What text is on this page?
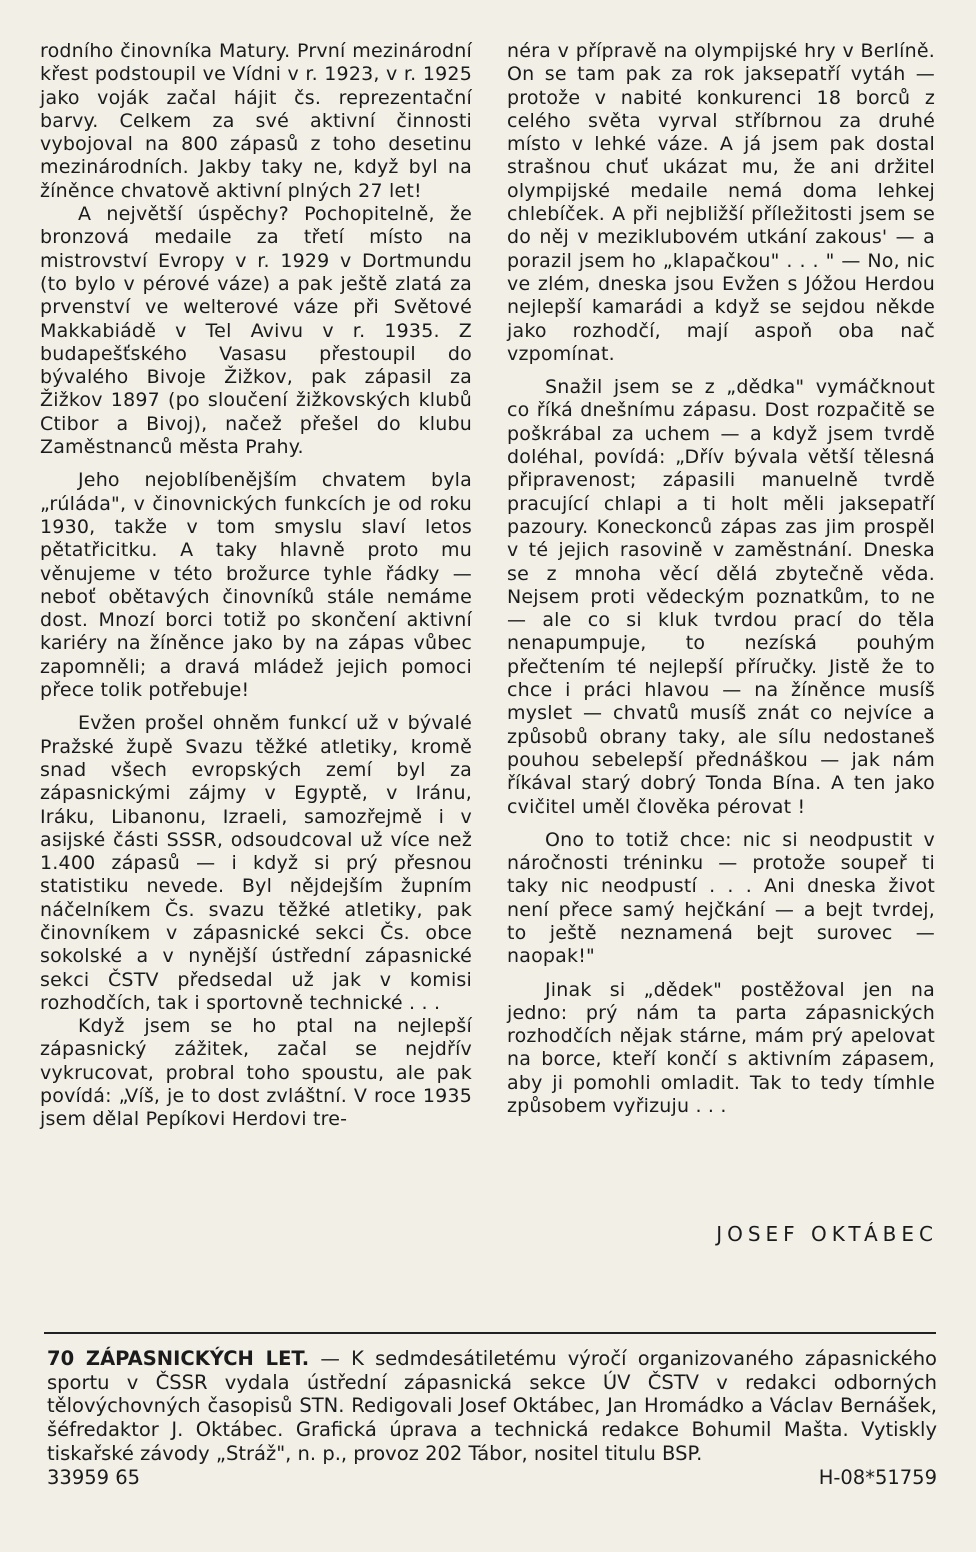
rodního činovníka Matury. První mezinárodní křest podstoupil ve Vídni v r. 1923, v r. 1925 jako voják začal hájit čs. reprezentační barvy. Celkem za své aktivní činnosti vybojoval na 800 zápasů z toho desetinu mezinárodních. Jakby taky ne, když byl na žíněnce chvatově aktivní plných 27 let!

A největší úspěchy? Pochopitelně, že bronzová medaile za třetí místo na mistrovství Evropy v r. 1929 v Dortmundu (to bylo v pérové váze) a pak ještě zlatá za prvenství ve welterové váze při Světové Makkabiádě v Tel Avivu v r. 1935. Z budapešťského Vasasu přestoupil do bývalého Bivoje Žižkov, pak zápasil za Žižkov 1897 (po sloučení žižkovských klubů Ctibor a Bivoj), načež přešel do klubu Zaměstnanců města Prahy.

Jeho nejoblíbenějším chvatem byla „rúláda", v činovnických funkcích je od roku 1930, takže v tom smyslu slaví letos pětatřicitku. A taky hlavně proto mu věnujeme v této brožurce tyhle řádky — neboť obětavých činovníků stále nemáme dost. Mnozí borci totiž po skončení aktivní kariéry na žíněnce jako by na zápas vůbec zapomněli; a dravá mládež jejich pomoci přece tolik potřebuje!

Evžen prošel ohněm funkcí už v bývalé Pražské župě Svazu těžké atletiky, kromě snad všech evropských zemí byl za zápasnickými zájmy v Egyptě, v Iránu, Iráku, Libanonu, Izraeli, samozřejmě i v asijské části SSSR, odsoudcoval už více než 1.400 zápasů — i když si prý přesnou statistiku nevede. Byl nějdejším župním náčelníkem Čs. svazu těžké atletiky, pak činovníkem v zápasnické sekci Čs. obce sokolské a v nynější ústřední zápasnické sekci ČSTV předsedal už jak v komisi rozhodčích, tak i sportovně technické . . .

Když jsem se ho ptal na nejlepší zápasnický zážitek, začal se nejdřív vykrucovat, probral toho spoustu, ale pak povídá: „Víš, je to dost zvláštní. V roce 1935 jsem dělal Pepíkovi Herdovi tre-

néra v přípravě na olympijské hry v Berlíně. On se tam pak za rok jaksepatří vytáh — protože v nabité konkurenci 18 borců z celého světa vyrval stříbrnou za druhé místo v lehké váze. A já jsem pak dostal strašnou chuť ukázat mu, že ani držitel olympijské medaile nemá doma lehkej chlebíček. A při nejbližší příležitosti jsem se do něj v meziklubovém utkání zakous' — a porazil jsem ho „klapačkou" . . . " — No, nic ve zlém, dneska jsou Evžen s Jóžou Herdou nejlepší kamarádi a když se sejdou někde jako rozhodčí, mají aspoň oba nač vzpomínat.

Snažil jsem se z „dědka" vymáčknout co říká dnešnímu zápasu. Dost rozpačitě se poškrábal za uchem — a když jsem tvrdě doléhal, povídá: „Dřív bývala větší tělesná připravenost; zápasili manuelně tvrdě pracující chlapi a ti holt měli jaksepatří pazoury. Koneckonců zápas zas jim prospěl v té jejich rasovině v zaměstnání. Dneska se z mnoha věcí dělá zbytečně věda. Nejsem proti vědeckým poznatkům, to ne — ale co si kluk tvrdou prací do těla nenapumpuje, to nezíská pouhým přečtením té nejlepší příručky. Jistě že to chce i práci hlavou — na žíněnce musíš myslet — chvatů musíš znát co nejvíce a způsobů obrany taky, ale sílu nedostaneš pouhou sebelepší přednáškou — jak nám říkával starý dobrý Tonda Bína. A ten jako cvičitel uměl člověka pérovat !

Ono to totiž chce: nic si neodpustit v náročnosti tréninku — protože soupeř ti taky nic neodpustí . . . Ani dneska život není přece samý hejčkání — a bejt tvrdej, to ještě neznamená bejt surovec — naopak!"

Jinak si „dědek" postěžoval jen na jedno: prý nám ta parta zápasnických rozhodčích nějak stárne, mám prý apelovat na borce, kteří končí s aktivním zápasem, aby ji pomohli omladit. Tak to tedy tímhle způsobem vyřizuju . . .

JOSEF OKTÁBEC
70 ZÁPASNICKÝCH LET. — K sedmdesátiletému výročí organizovaného zápasnického sportu v ČSSR vydala ústřední zápasnická sekce ÚV ČSTV v redakci odborných tělovýchovných časopisů STN. Redigovali Josef Oktábec, Jan Hromádko a Václav Bernášek, šéfredaktor J. Oktábec. Grafická úprava a technická redakce Bohumil Mašta. Vytiskly tiskařské závody „Stráž", n. p., provoz 202 Tábor, nositel titulu BSP.
33959 65	H-08*51759
